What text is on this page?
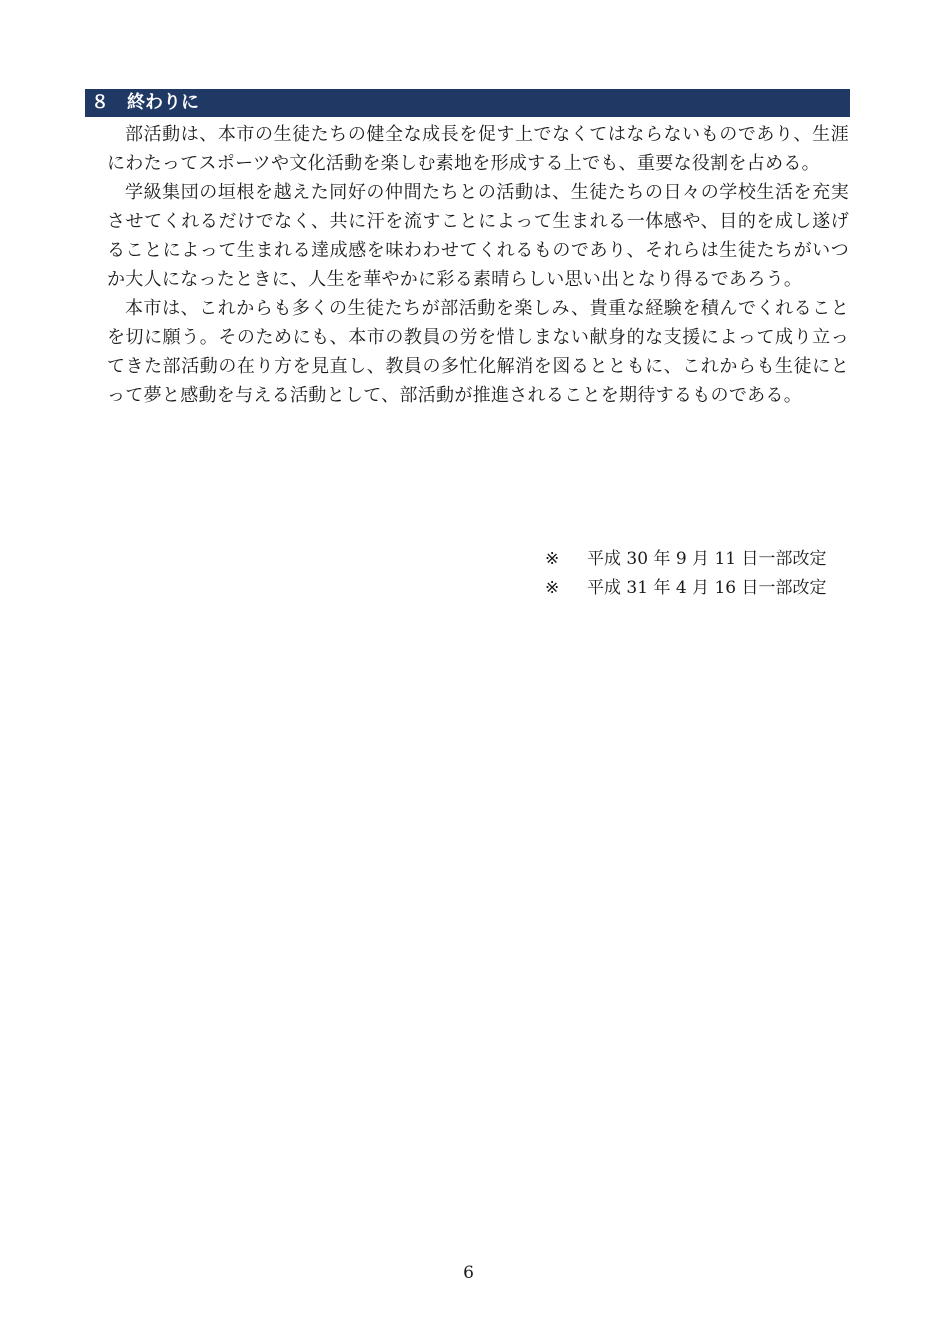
８ 終わりに

部活動は、本市の生徒たちの健全な成長を促す上でなくてはならないものであり、生涯にわたってスポーツや文化活動を楽しむ素地を形成する上でも、重要な役割を占める。

学級集団の垣根を越えた同好の仲間たちとの活動は、生徒たちの日々の学校生活を充実させてくれるだけでなく、共に汗を流すことによって生まれる一体感や、目的を成し遂げることによって生まれる達成感を味わわせてくれるものであり、それらは生徒たちがいつか大人になったときに、人生を華やかに彩る素晴らしい思い出となり得るであろう。

本市は、これからも多くの生徒たちが部活動を楽しみ、貴重な経験を積んでくれることを切に願う。そのためにも、本市の教員の労を惜しまない献身的な支援によって成り立ってきた部活動の在り方を見直し、教員の多忙化解消を図るとともに、これからも生徒にとって夢と感動を与える活動として、部活動が推進されることを期待するものである。

※ 平成 30 年 9 月 11 日一部改定
※ 平成 31 年 4 月 16 日一部改定
6
